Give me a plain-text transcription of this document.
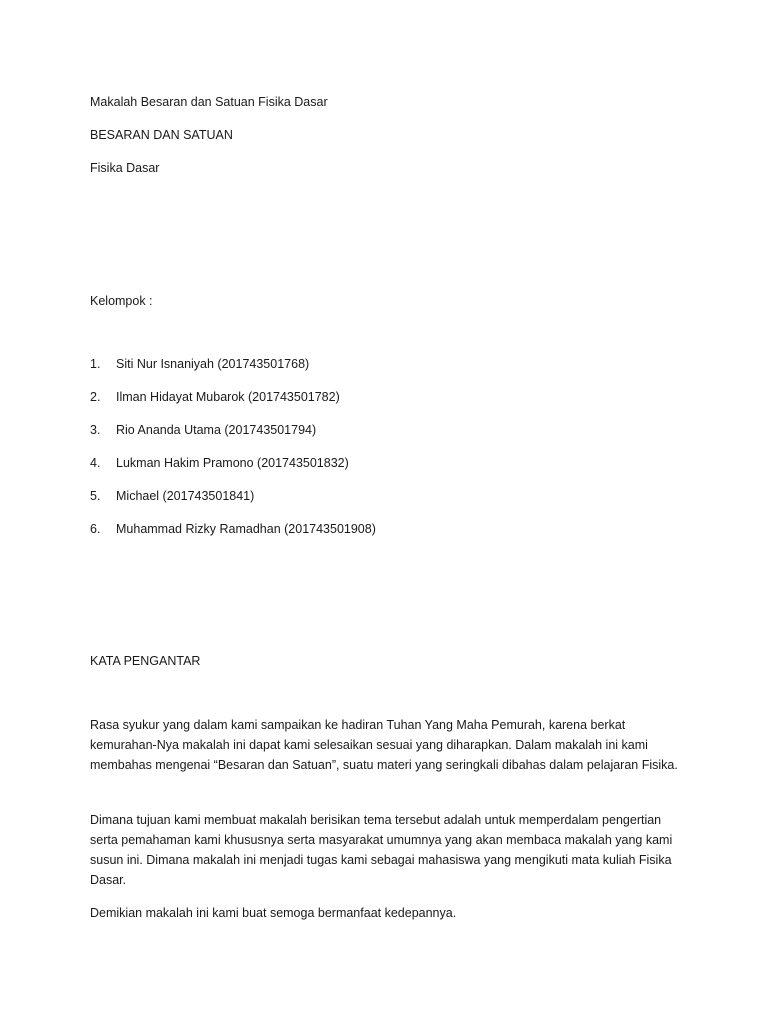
Makalah Besaran dan Satuan Fisika Dasar
BESARAN DAN SATUAN
Fisika Dasar
Kelompok :
1. Siti Nur Isnaniyah (201743501768)
2. Ilman Hidayat Mubarok (201743501782)
3. Rio Ananda Utama (201743501794)
4. Lukman Hakim Pramono (201743501832)
5. Michael (201743501841)
6. Muhammad Rizky Ramadhan (201743501908)
KATA PENGANTAR
Rasa syukur yang dalam kami sampaikan ke hadiran Tuhan Yang Maha Pemurah, karena berkat kemurahan-Nya makalah ini dapat kami selesaikan sesuai yang diharapkan. Dalam makalah ini kami membahas mengenai “Besaran dan Satuan”, suatu materi yang seringkali dibahas dalam pelajaran Fisika.
Dimana tujuan kami membuat makalah berisikan tema tersebut adalah untuk memperdalam pengertian serta pemahaman kami khususnya serta masyarakat umumnya yang akan membaca makalah yang kami susun ini. Dimana makalah ini menjadi tugas kami sebagai mahasiswa yang mengikuti mata kuliah Fisika Dasar.
Demikian makalah ini kami buat semoga bermanfaat kedepannya.
